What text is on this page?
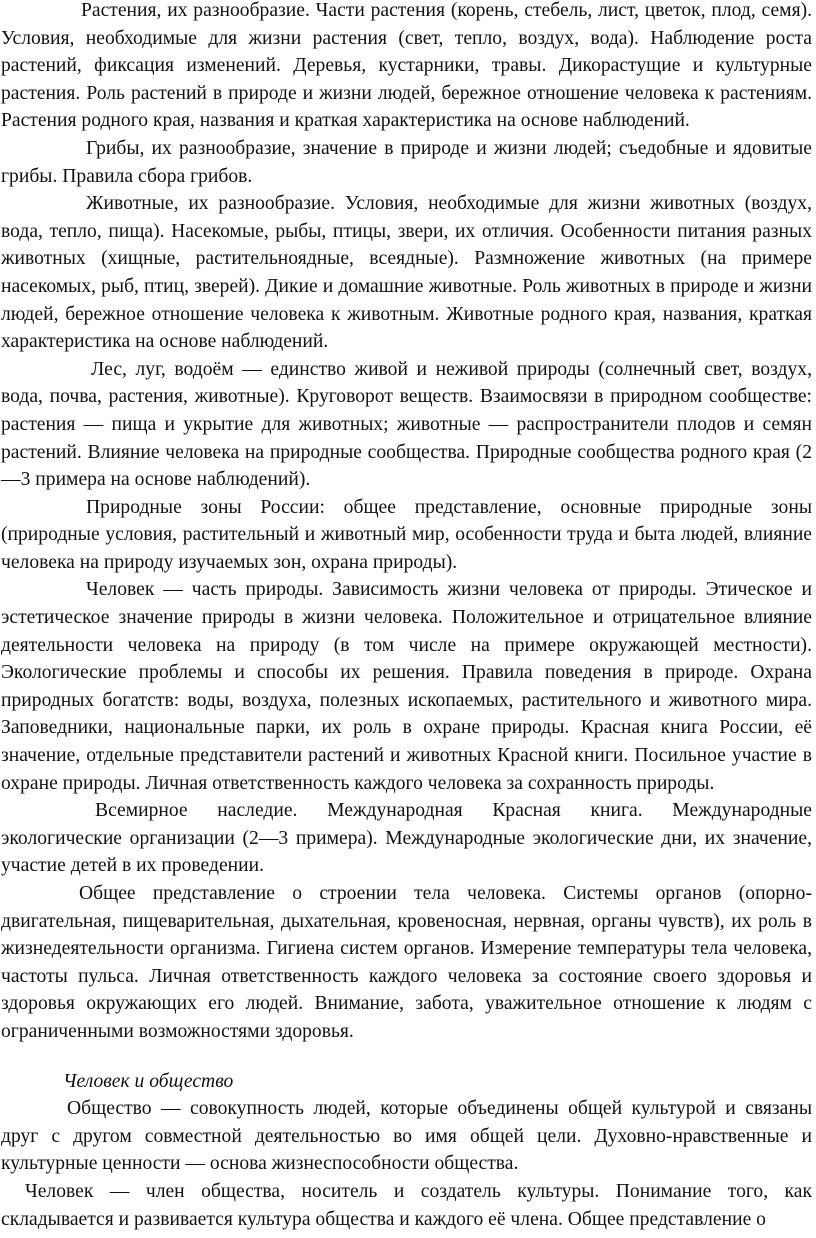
Растения, их разнообразие. Части растения (корень, стебель, лист, цветок, плод, семя). Условия, необходимые для жизни растения (свет, тепло, воздух, вода). Наблюдение роста растений, фиксация изменений. Деревья, кустарники, травы. Дикорастущие и культурные растения. Роль растений в природе и жизни людей, бережное отношение человека к растениям. Растения родного края, названия и краткая характеристика на основе наблюдений.

Грибы, их разнообразие, значение в природе и жизни людей; съедобные и ядовитые грибы. Правила сбора грибов.

Животные, их разнообразие. Условия, необходимые для жизни животных (воздух, вода, тепло, пища). Насекомые, рыбы, птицы, звери, их отличия. Особенности питания разных животных (хищные, растительноядные, всеядные). Размножение животных (на примере насекомых, рыб, птиц, зверей). Дикие и домашние животные. Роль животных в природе и жизни людей, бережное отношение человека к животным. Животные родного края, названия, краткая характеристика на основе наблюдений.

Лес, луг, водоём — единство живой и неживой природы (солнечный свет, воздух, вода, почва, растения, животные). Круговорот веществ. Взаимосвязи в природном сообществе: растения — пища и укрытие для животных; животные — распространители плодов и семян растений. Влияние человека на природные сообщества. Природные сообщества родного края (2—3 примера на основе наблюдений).

Природные зоны России: общее представление, основные природные зоны (природные условия, растительный и животный мир, особенности труда и быта людей, влияние человека на природу изучаемых зон, охрана природы).

Человек — часть природы. Зависимость жизни человека от природы. Этическое и эстетическое значение природы в жизни человека. Положительное и отрицательное влияние деятельности человека на природу (в том числе на примере окружающей местности). Экологические проблемы и способы их решения. Правила поведения в природе. Охрана природных богатств: воды, воздуха, полезных ископаемых, растительного и животного мира. Заповедники, национальные парки, их роль в охране природы. Красная книга России, её значение, отдельные представители растений и животных Красной книги. Посильное участие в охране природы. Личная ответственность каждого человека за сохранность природы.

Всемирное наследие. Международная Красная книга. Международные экологические организации (2—3 примера). Международные экологические дни, их значение, участие детей в их проведении.

Общее представление о строении тела человека. Системы органов (опорно-двигательная, пищеварительная, дыхательная, кровеносная, нервная, органы чувств), их роль в жизнедеятельности организма. Гигиена систем органов. Измерение температуры тела человека, частоты пульса. Личная ответственность каждого человека за состояние своего здоровья и здоровья окружающих его людей. Внимание, забота, уважительное отношение к людям с ограниченными возможностями здоровья.

Человек и общество

Общество — совокупность людей, которые объединены общей культурой и связаны друг с другом совместной деятельностью во имя общей цели. Духовно-нравственные и культурные ценности — основа жизнеспособности общества.

Человек — член общества, носитель и создатель культуры. Понимание того, как складывается и развивается культура общества и каждого её члена. Общее представление о
